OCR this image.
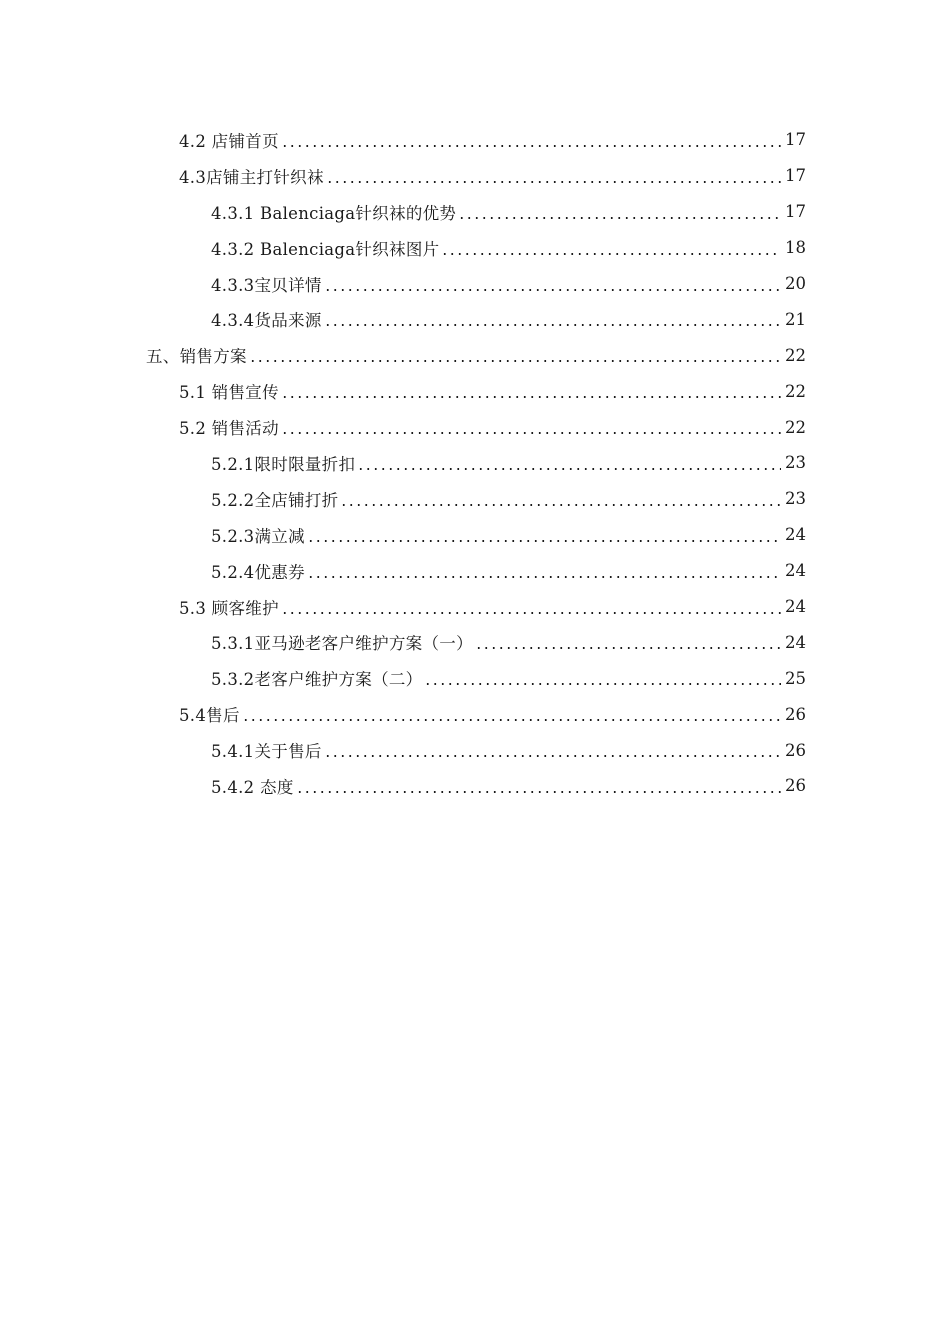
4.2 店铺首页	17
4.3店铺主打针织袜	17
4.3.1 Balenciaga针织袜的优势	17
4.3.2 Balenciaga针织袜图片	18
4.3.3宝贝详情	20
4.3.4货品来源	21
五、销售方案	22
5.1 销售宣传	22
5.2 销售活动	22
5.2.1限时限量折扣	23
5.2.2全店铺打折	23
5.2.3满立减	24
5.2.4优惠券	24
5.3 顾客维护	24
5.3.1亚马逊老客户维护方案（一）	24
5.3.2老客户维护方案（二）	25
5.4售后	26
5.4.1关于售后	26
5.4.2 态度	26
